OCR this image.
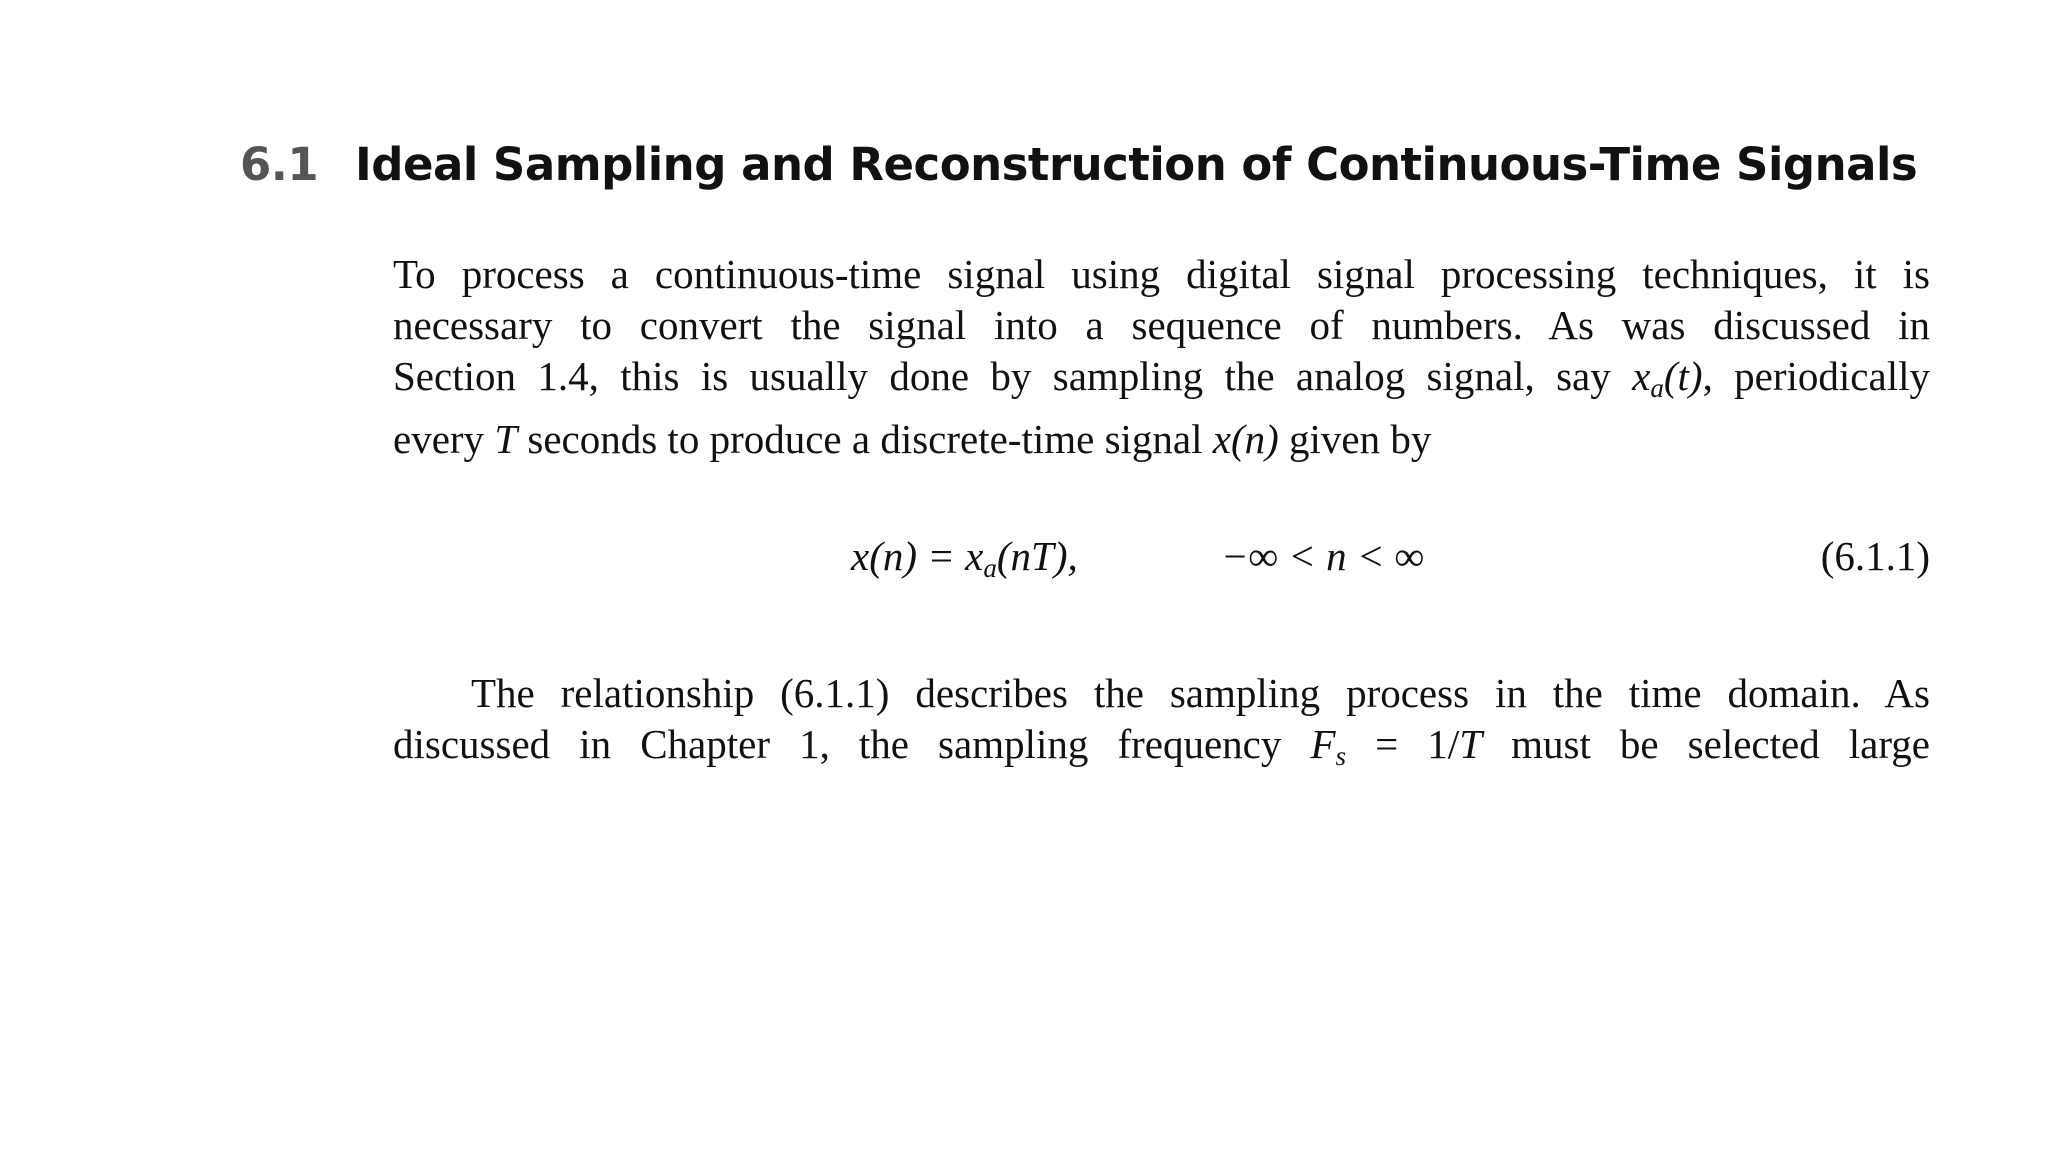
6.1 Ideal Sampling and Reconstruction of Continuous-Time Signals
To process a continuous-time signal using digital signal processing techniques, it is
necessary to convert the signal into a sequence of numbers. As was discussed in
Section 1.4, this is usually done by sampling the analog signal, say $x_a(t)$, periodically
every T seconds to produce a discrete-time signal x(n) given by
$x(n) = x_a(nT)$,	−∞ < n < ∞	(6.1.1)
The relationship (6.1.1) describes the sampling process in the time domain. As
discussed in Chapter 1, the sampling frequency $F_s = 1/T$ must be selected large
